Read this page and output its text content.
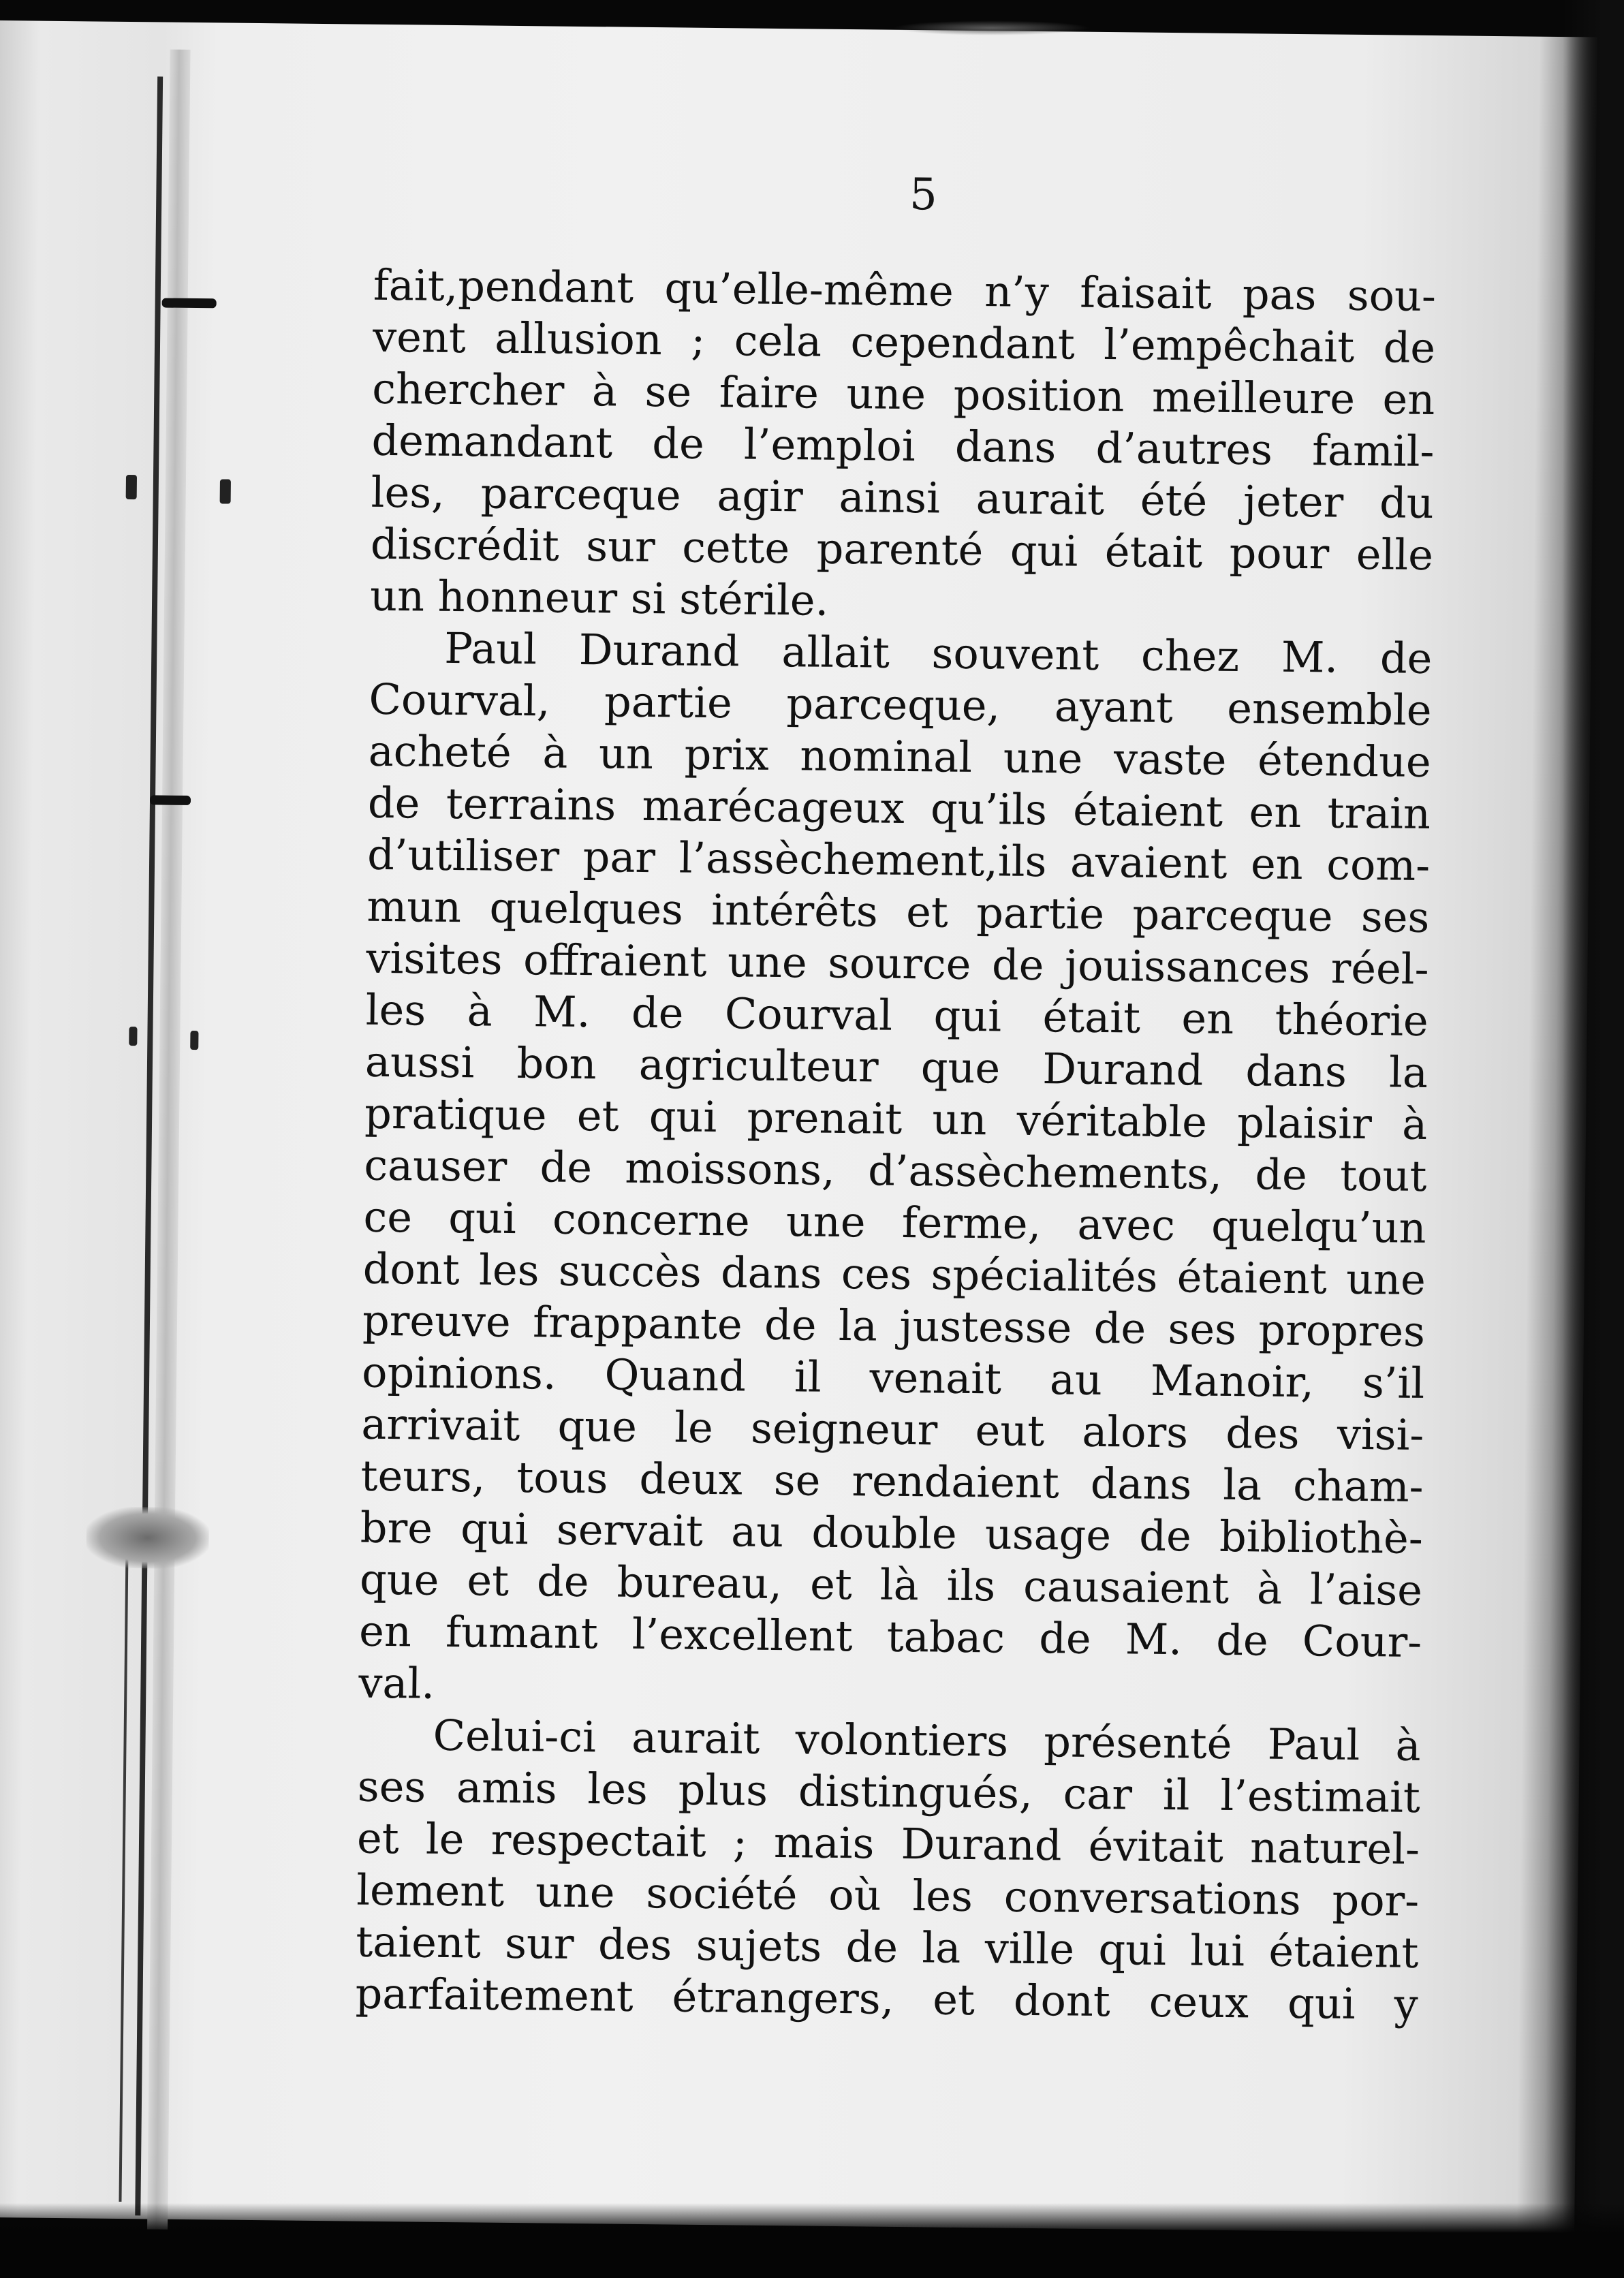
5
fait,pendant qu’elle-même n’y faisait pas sou-
vent allusion ; cela cependant l’empêchait de
chercher à se faire une position meilleure en
demandant de l’emploi dans d’autres famil-
les, parceque agir ainsi aurait été jeter du
discrédit sur cette parenté qui était pour elle
un honneur si stérile.
Paul Durand allait souvent chez M. de
Courval, partie parceque, ayant ensemble
acheté à un prix nominal une vaste étendue
de terrains marécageux qu’ils étaient en train
d’utiliser par l’assèchement,ils avaient en com-
mun quelques intérêts et partie parceque ses
visites offraient une source de jouissances réel-
les à M. de Courval qui était en théorie
aussi bon agriculteur que Durand dans la
pratique et qui prenait un véritable plaisir à
causer de moissons, d’assèchements, de tout
ce qui concerne une ferme, avec quelqu’un
dont les succès dans ces spécialités étaient une
preuve frappante de la justesse de ses propres
opinions. Quand il venait au Manoir, s’il
arrivait que le seigneur eut alors des visi-
teurs, tous deux se rendaient dans la cham-
bre qui servait au double usage de bibliothè-
que et de bureau, et là ils causaient à l’aise
en fumant l’excellent tabac de M. de Cour-
val.
Celui-ci aurait volontiers présenté Paul à
ses amis les plus distingués, car il l’estimait
et le respectait ; mais Durand évitait naturel-
lement une société où les conversations por-
taient sur des sujets de la ville qui lui étaient
parfaitement étrangers, et dont ceux qui y
